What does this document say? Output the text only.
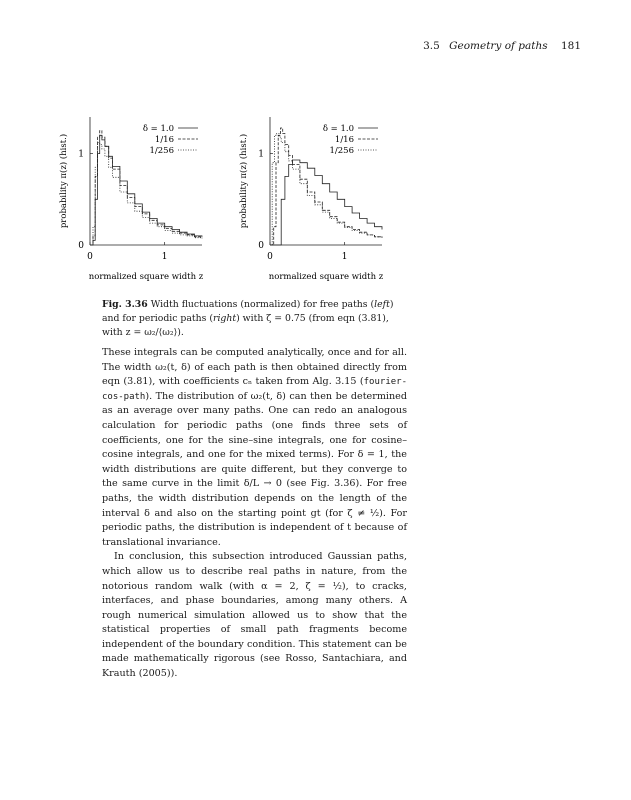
3.5 Geometry of paths 181
0	1
0
1
normalized square width z
probability π(z) (hist.)
δ = 1.0
1/16
1/256
0	1
0
1
normalized square width z
probability π(z) (hist.)
δ = 1.0
1/16
1/256
Fig. 3.36 Width fluctuations (normalized) for free paths (left) and for periodic paths (right) with ζ = 0.75 (from eqn (3.81), with z = ω₂/⟨ω₂⟩).

These integrals can be computed analytically, once and for all. The width ω₂(t, δ) of each path is then obtained directly from eqn (3.81), with coefficients cₙ taken from Alg. 3.15 (fourier-cos-path). The distribution of ω₂(t, δ) can then be determined as an average over many paths. One can redo an analogous calculation for periodic paths (one finds three sets of coefficients, one for the sine–sine integrals, one for cosine–cosine integrals, and one for the mixed terms). For δ = 1, the width distributions are quite different, but they converge to the same curve in the limit δ/L → 0 (see Fig. 3.36). For free paths, the width distribution depends on the length of the interval δ and also on the starting point gt (for ζ ≠ ½). For periodic paths, the distribution is independent of t because of translational invariance.

In conclusion, this subsection introduced Gaussian paths, which allow us to describe real paths in nature, from the notorious random walk (with α = 2, ζ = ½), to cracks, interfaces, and phase boundaries, among many others. A rough numerical simulation allowed us to show that the statistical properties of small path fragments become independent of the boundary condition. This statement can be made mathematically rigorous (see Rosso, Santachiara, and Krauth (2005)).
